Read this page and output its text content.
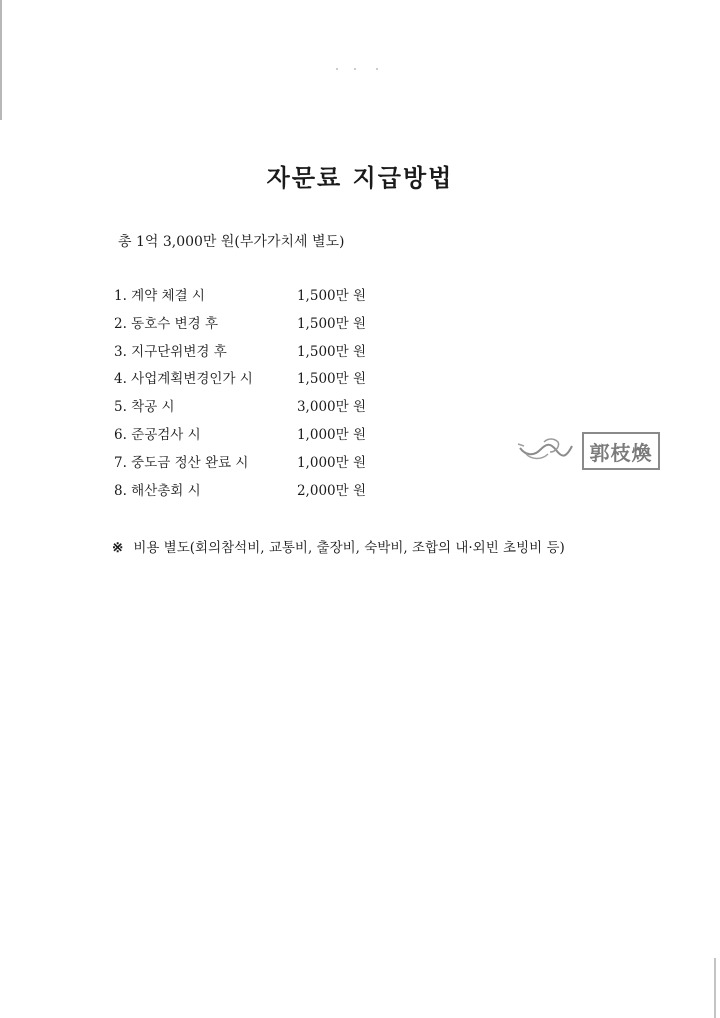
자문료 지급방법
총 1억 3,000만 원(부가가치세 별도)
1. 계약 체결 시	1,500만 원
2. 동호수 변경 후	1,500만 원
3. 지구단위변경 후	1,500만 원
4. 사업계획변경인가 시	1,500만 원
5. 착공 시	3,000만 원
6. 준공검사 시	1,000만 원
7. 중도금 정산 완료 시	1,000만 원
8. 해산총회 시	2,000만 원
郭枝煥
※ 비용 별도(회의참석비, 교통비, 출장비, 숙박비, 조합의 내·외빈 초빙비 등)
